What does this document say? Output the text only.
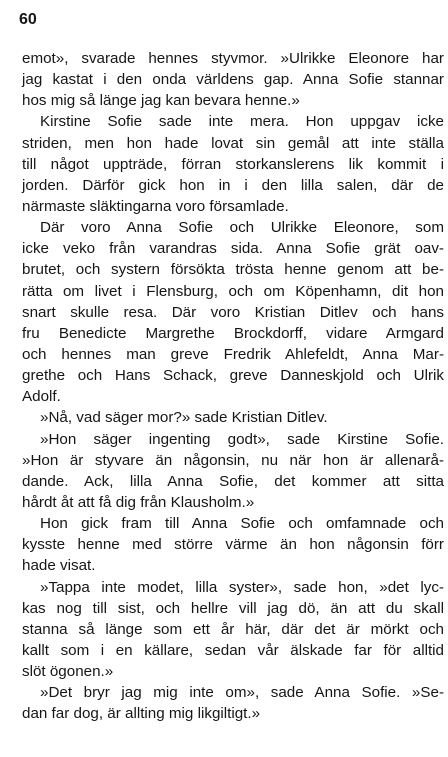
60
emot», svarade hennes styvmor. »Ulrikke Eleonore har
jag kastat i den onda världens gap. Anna Sofie stannar
hos mig så länge jag kan bevara henne.»
Kirstine Sofie sade inte mera. Hon uppgav icke
striden, men hon hade lovat sin gemål att inte ställa
till något uppträde, förran storkanslerens lik kommit i
jorden. Därför gick hon in i den lilla salen, där de
närmaste släktingarna voro församlade.
Där voro Anna Sofie och Ulrikke Eleonore, som
icke veko från varandras sida. Anna Sofie grät oav-
brutet, och systern försökta trösta henne genom att be-
rätta om livet i Flensburg, och om Köpenhamn, dit hon
snart skulle resa. Där voro Kristian Ditlev och hans
fru Benedicte Margrethe Brockdorff, vidare Armgard
och hennes man greve Fredrik Ahlefeldt, Anna Mar-
grethe och Hans Schack, greve Danneskjold och Ulrik
Adolf.
»Nå, vad säger mor?» sade Kristian Ditlev.
»Hon säger ingenting godt», sade Kirstine Sofie.
»Hon är styvare än någonsin, nu när hon är allenarå-
dande. Ack, lilla Anna Sofie, det kommer att sitta
hårdt åt att få dig från Klausholm.»
Hon gick fram till Anna Sofie och omfamnade och
kysste henne med större värme än hon någonsin förr
hade visat.
»Tappa inte modet, lilla syster», sade hon, »det lyc-
kas nog till sist, och hellre vill jag dö, än att du skall
stanna så länge som ett år här, där det är mörkt och
kallt som i en källare, sedan vår älskade far för alltid
slöt ögonen.»
»Det bryr jag mig inte om», sade Anna Sofie. »Se-
dan far dog, är allting mig likgiltigt.»
